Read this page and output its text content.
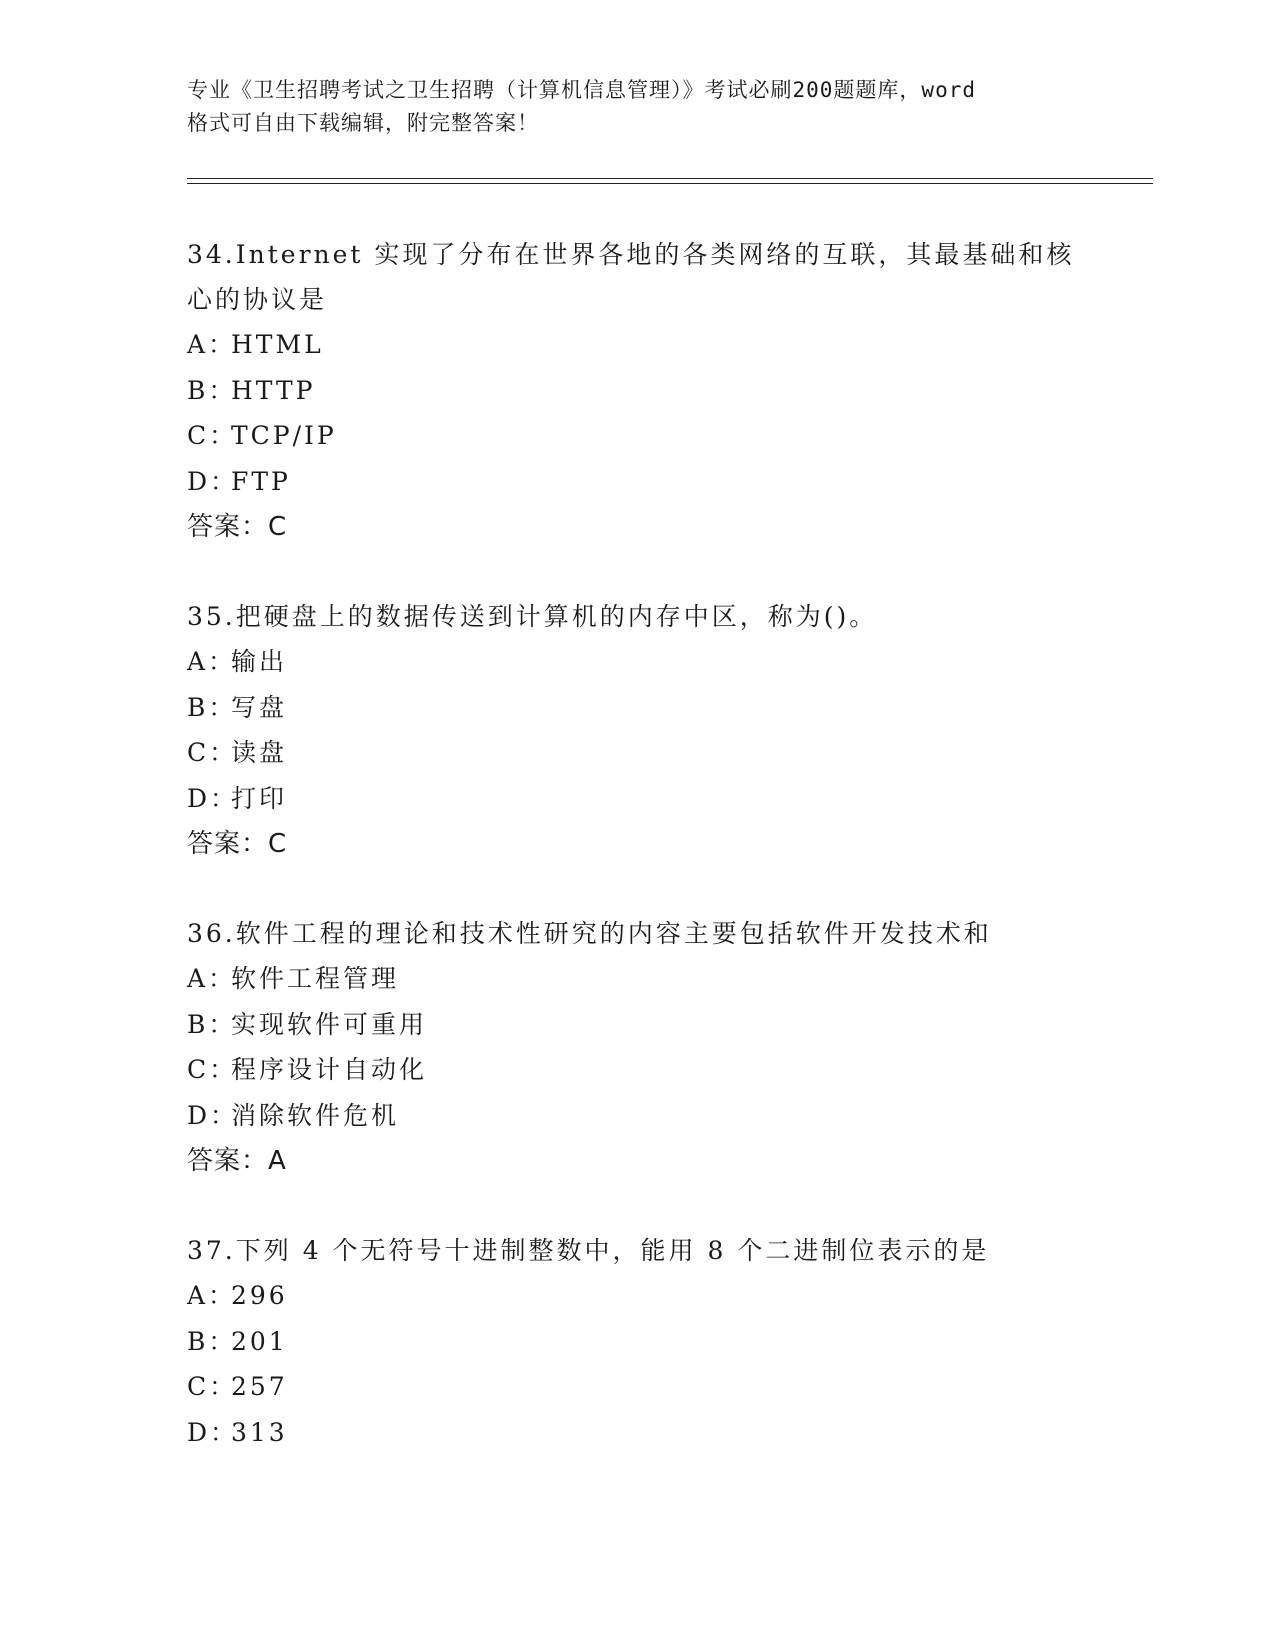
专业《卫生招聘考试之卫生招聘（计算机信息管理）》考试必刷200题题库，word
格式可自由下载编辑，附完整答案！
34.Internet 实现了分布在世界各地的各类网络的互联，其最基础和核
心的协议是
A：HTML
B：HTTP
C：TCP/IP
D：FTP
答案：C
35.把硬盘上的数据传送到计算机的内存中区，称为()。
A：输出
B：写盘
C：读盘
D：打印
答案：C
36.软件工程的理论和技术性研究的内容主要包括软件开发技术和
A：软件工程管理
B：实现软件可重用
C：程序设计自动化
D：消除软件危机
答案：A
37.下列 4 个无符号十进制整数中，能用 8 个二进制位表示的是
A：296
B：201
C：257
D：313
